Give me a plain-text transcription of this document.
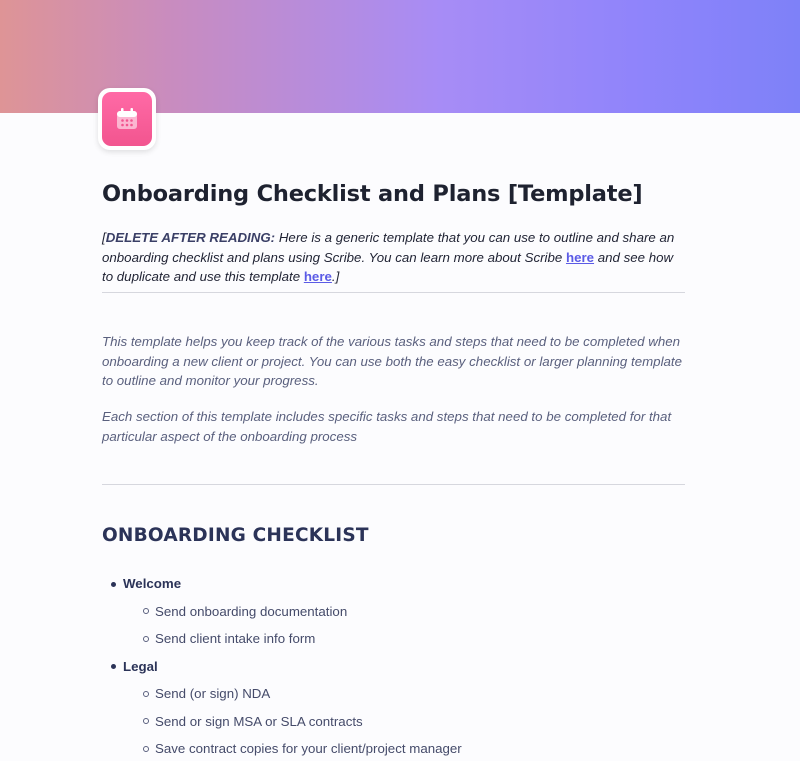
Onboarding Checklist and Plans [Template]

[DELETE AFTER READING: Here is a generic template that you can use to outline and share an onboarding checklist and plans using Scribe. You can learn more about Scribe here and see how to duplicate and use this template here.]

This template helps you keep track of the various tasks and steps that need to be completed when onboarding a new client or project. You can use both the easy checklist or larger planning template to outline and monitor your progress.

Each section of this template includes specific tasks and steps that need to be completed for that particular aspect of the onboarding process

ONBOARDING CHECKLIST
Welcome
Send onboarding documentation
Send client intake info form
Legal
Send (or sign) NDA
Send or sign MSA or SLA contracts
Save contract copies for your client/project manager
